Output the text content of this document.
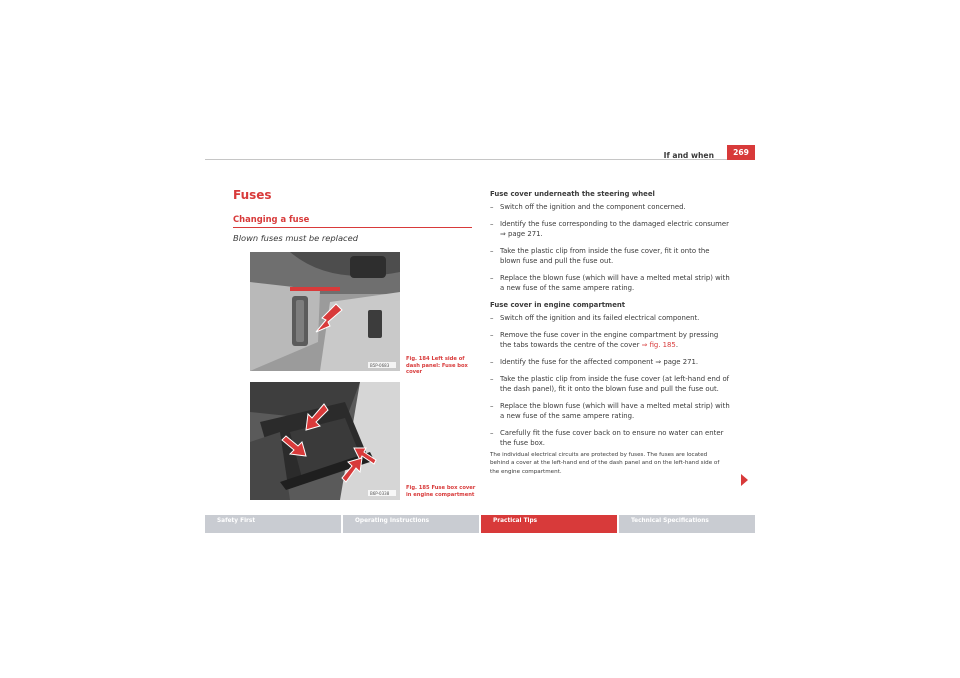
If and when	269
Fuses
Changing a fuse
Blown fuses must be replaced
B5P-0683
Fig. 184 Left side of dash panel: Fuse box cover
B6P-0338
Fig. 185 Fuse box cover in engine compartment
Fuse cover underneath the steering wheel
– Switch off the ignition and the component concerned.
– Identify the fuse corresponding to the damaged electric consumer ⇒ page 271.
– Take the plastic clip from inside the fuse cover, fit it onto the blown fuse and pull the fuse out.
– Replace the blown fuse (which will have a melted metal strip) with a new fuse of the same ampere rating.
Fuse cover in engine compartment
– Switch off the ignition and its failed electrical component.
– Remove the fuse cover in the engine compartment by pressing the tabs towards the centre of the cover ⇒ fig. 185.
– Identify the fuse for the affected component ⇒ page 271.
– Take the plastic clip from inside the fuse cover (at left-hand end of the dash panel), fit it onto the blown fuse and pull the fuse out.
– Replace the blown fuse (which will have a melted metal strip) with a new fuse of the same ampere rating.
– Carefully fit the fuse cover back on to ensure no water can enter the fuse box.
The individual electrical circuits are protected by fuses. The fuses are located behind a cover at the left-hand end of the dash panel and on the left-hand side of the engine compartment.
Safety First	Operating Instructions	Practical Tips	Technical Specifications
